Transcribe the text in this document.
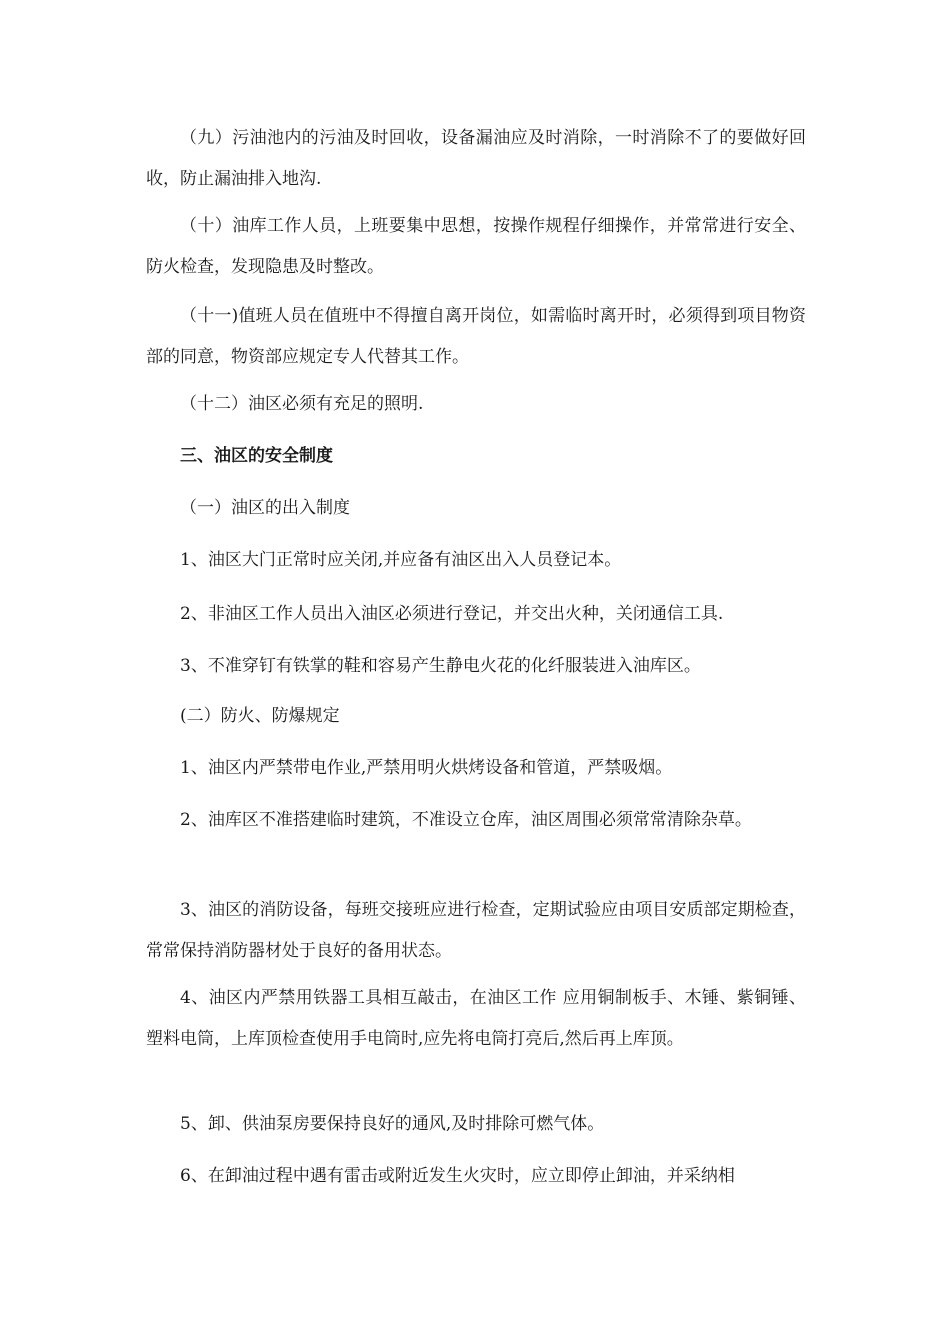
（九）污油池内的污油及时回收，设备漏油应及时消除，一时消除不了的要做好回收，防止漏油排入地沟.

（十）油库工作人员，上班要集中思想，按操作规程仔细操作，并常常进行安全、防火检查，发现隐患及时整改。

（十一)值班人员在值班中不得擅自离开岗位，如需临时离开时，必须得到项目物资部的同意，物资部应规定专人代替其工作。

（十二）油区必须有充足的照明.

三、油区的安全制度

（一）油区的出入制度

1、油区大门正常时应关闭,并应备有油区出入人员登记本。

2、非油区工作人员出入油区必须进行登记，并交出火种，关闭通信工具.

3、不准穿钉有铁掌的鞋和容易产生静电火花的化纤服装进入油库区。

(二）防火、防爆规定

1、油区内严禁带电作业,严禁用明火烘烤设备和管道，严禁吸烟。

2、油库区不准搭建临时建筑，不准设立仓库，油区周围必须常常清除杂草。

3、油区的消防设备，每班交接班应进行检查，定期试验应由项目安质部定期检查，常常保持消防器材处于良好的备用状态。

4、油区内严禁用铁器工具相互敲击，在油区工作 应用铜制板手、木锤、紫铜锤、塑料电筒，上库顶检查使用手电筒时,应先将电筒打亮后,然后再上库顶。

5、卸、供油泵房要保持良好的通风,及时排除可燃气体。

6、在卸油过程中遇有雷击或附近发生火灾时，应立即停止卸油，并采纳相
